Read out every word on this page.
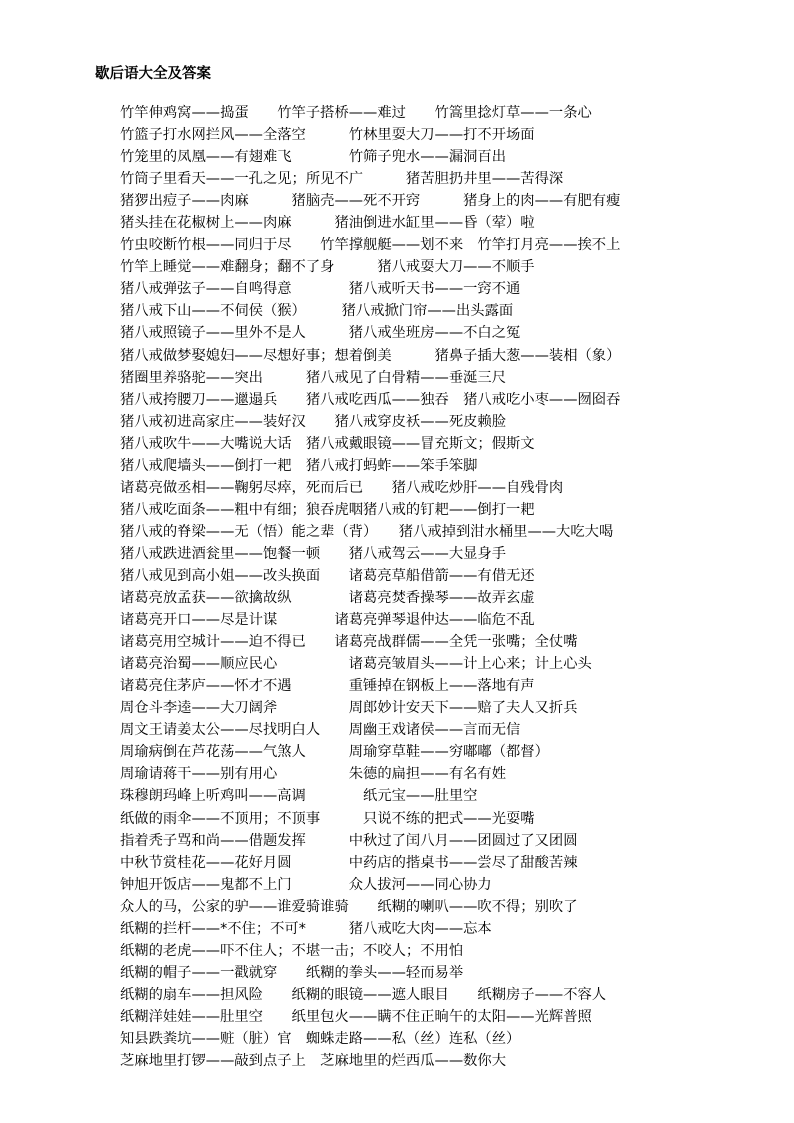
歇后语大全及答案
竹竿伸鸡窝——捣蛋　　竹竿子搭桥——难过　　竹篙里捻灯草——一条心
竹篮子打水网拦风——全落空　　　竹林里耍大刀——打不开场面
竹笼里的凤凰——有翅难飞　　　　竹筛子兜水——漏洞百出
竹筒子里看天——一孔之见；所见不广　　　猪苦胆扔井里——苦得深
猪猡出痘子——肉麻　　　猪脑壳——死不开窍　　　猪身上的肉——有肥有瘦
猪头挂在花椒树上——肉麻　　　猪油倒进水缸里——昏（荤）啦
竹虫咬断竹根——同归于尽　　竹竿撑舰艇——划不来　竹竿打月亮——挨不上
竹竿上睡觉——难翻身；翻不了身　　　猪八戒耍大刀——不顺手
猪八戒弹弦子——自鸣得意　　　　猪八戒听天书——一窍不通
猪八戒下山——不伺侯（猴）　　　猪八戒掀门帘——出头露面
猪八戒照镜子——里外不是人　　　猪八戒坐班房——不白之冤
猪八戒做梦娶媳妇——尽想好事；想着倒美　　　猪鼻子插大葱——装相（象）
猪圈里养骆驼——突出　　　猪八戒见了白骨精——垂涎三尺
猪八戒挎腰刀——邋遢兵　　猪八戒吃西瓜——独吞　猪八戒吃小枣——囫囵吞
猪八戒初进高家庄——装好汉　　猪八戒穿皮袄——死皮赖脸
猪八戒吹牛——大嘴说大话　猪八戒戴眼镜——冒充斯文；假斯文
猪八戒爬墙头——倒打一耙　猪八戒打蚂蚱——笨手笨脚
诸葛亮做丞相——鞠躬尽瘁，死而后已　　猪八戒吃炒肝——自残骨肉
猪八戒吃面条——粗中有细；狼吞虎咽猪八戒的钉耙——倒打一耙
猪八戒的脊梁——无（悟）能之辈（背）　　猪八戒掉到泔水桶里——大吃大喝
猪八戒跌进酒瓮里——饱餐一顿　　猪八戒驾云——大显身手
猪八戒见到高小姐——改头换面　　诸葛亮草船借箭——有借无还
诸葛亮放孟获——欲擒故纵　　　　诸葛亮焚香操琴——故弄玄虚
诸葛亮开口——尽是计谋　　　　诸葛亮弹琴退仲达——临危不乱
诸葛亮用空城计——迫不得已　　诸葛亮战群儒——全凭一张嘴；全仗嘴
诸葛亮治蜀——顺应民心　　　　　诸葛亮皱眉头——计上心来；计上心头
诸葛亮住茅庐——怀才不遇　　　　重锤掉在钢板上——落地有声
周仓斗李逵——大刀阔斧　　　　　周郎妙计安天下——赔了夫人又折兵
周文王请姜太公——尽找明白人　　周幽王戏诸侯——言而无信
周瑜病倒在芦花荡——气煞人　　　周瑜穿草鞋——穷嘟嘟（都督）
周瑜请蒋干——别有用心　　　　　朱德的扁担——有名有姓
珠穆朗玛峰上听鸡叫——高调　　　　纸元宝——肚里空
纸做的雨伞——不顶用；不顶事　　　只说不练的把式——光耍嘴
指着秃子骂和尚——借题发挥　　　中秋过了闰八月——团圆过了又团圆
中秋节赏桂花——花好月圆　　　　中药店的揩桌书——尝尽了甜酸苦辣
钟旭开饭店——鬼都不上门　　　　众人拔河——同心协力
众人的马，公家的驴——谁爱骑谁骑　　纸糊的喇叭——吹不得；别吹了
纸糊的拦杆——*不住；不可*　　　猪八戒吃大肉——忘本
纸糊的老虎——吓不住人；不堪一击；不咬人；不用怕
纸糊的帽子——一戳就穿　　纸糊的拳头——轻而易举
纸糊的扇车——担风险　　纸糊的眼镜——遮人眼目　　纸糊房子——不容人
纸糊洋娃娃——肚里空　　纸里包火——瞒不住正晌午的太阳——光辉普照
知县跌粪坑——赃（脏）官　蜘蛛走路——私（丝）连私（丝）
芝麻地里打锣——敲到点子上　芝麻地里的烂西瓜——数你大
